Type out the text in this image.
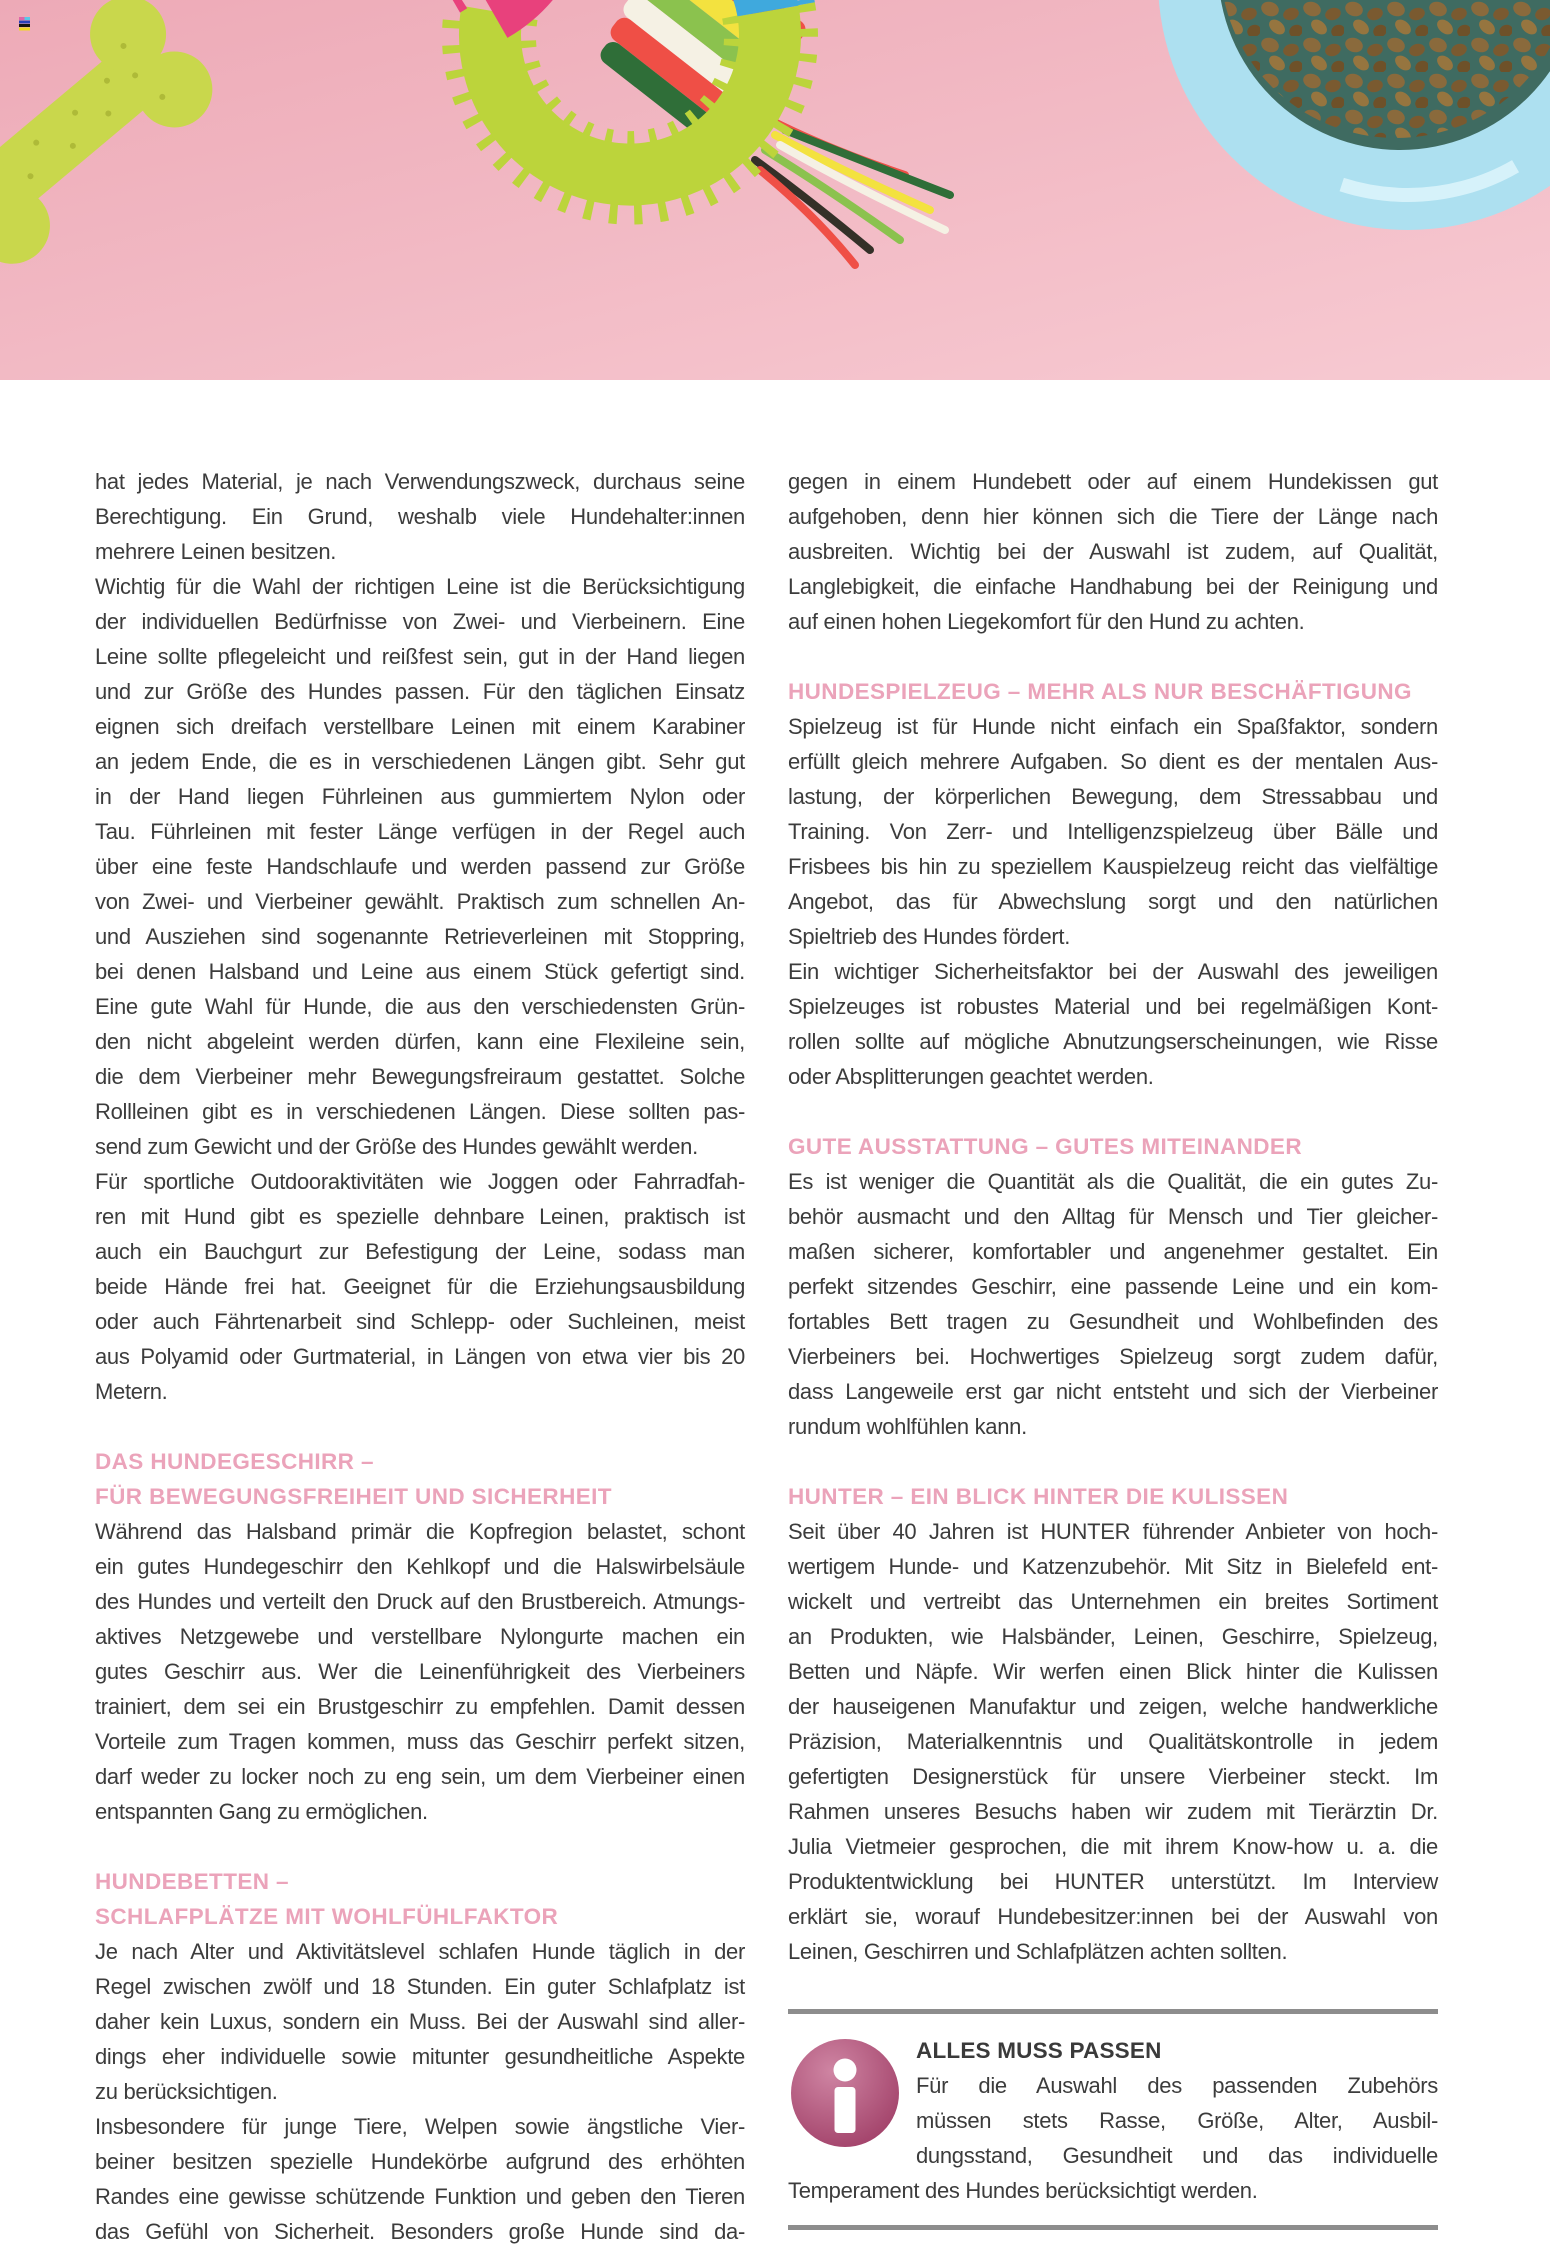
hat jedes Material, je nach Verwendungszweck, durchaus seine
Berechtigung. Ein Grund, weshalb viele Hundehalter:innen
mehrere Leinen besitzen.
Wichtig für die Wahl der richtigen Leine ist die Berücksichtigung
der individuellen Bedürfnisse von Zwei- und Vierbeinern. Eine
Leine sollte pflegeleicht und reißfest sein, gut in der Hand liegen
und zur Größe des Hundes passen. Für den täglichen Einsatz
eignen sich dreifach verstellbare Leinen mit einem Karabiner
an jedem Ende, die es in verschiedenen Längen gibt. Sehr gut
in der Hand liegen Führleinen aus gummiertem Nylon oder
Tau. Führleinen mit fester Länge verfügen in der Regel auch
über eine feste Handschlaufe und werden passend zur Größe
von Zwei- und Vierbeiner gewählt. Praktisch zum schnellen An-
und Ausziehen sind sogenannte Retrieverleinen mit Stoppring,
bei denen Halsband und Leine aus einem Stück gefertigt sind.
Eine gute Wahl für Hunde, die aus den verschiedensten Grün-
den nicht abgeleint werden dürfen, kann eine Flexileine sein,
die dem Vierbeiner mehr Bewegungsfreiraum gestattet. Solche
Rollleinen gibt es in verschiedenen Längen. Diese sollten pas-
send zum Gewicht und der Größe des Hundes gewählt werden.
Für sportliche Outdooraktivitäten wie Joggen oder Fahrradfah-
ren mit Hund gibt es spezielle dehnbare Leinen, praktisch ist
auch ein Bauchgurt zur Befestigung der Leine, sodass man
beide Hände frei hat. Geeignet für die Erziehungsausbildung
oder auch Fährtenarbeit sind Schlepp- oder Suchleinen, meist
aus Polyamid oder Gurtmaterial, in Längen von etwa vier bis 20
Metern.
DAS HUNDEGESCHIRR –
FÜR BEWEGUNGSFREIHEIT UND SICHERHEIT
Während das Halsband primär die Kopfregion belastet, schont
ein gutes Hundegeschirr den Kehlkopf und die Halswirbelsäule
des Hundes und verteilt den Druck auf den Brustbereich. Atmungs-
aktives Netzgewebe und verstellbare Nylongurte machen ein
gutes Geschirr aus. Wer die Leinenführigkeit des Vierbeiners
trainiert, dem sei ein Brustgeschirr zu empfehlen. Damit dessen
Vorteile zum Tragen kommen, muss das Geschirr perfekt sitzen,
darf weder zu locker noch zu eng sein, um dem Vierbeiner einen
entspannten Gang zu ermöglichen.
HUNDEBETTEN –
SCHLAFPLÄTZE MIT WOHLFÜHLFAKTOR
Je nach Alter und Aktivitätslevel schlafen Hunde täglich in der
Regel zwischen zwölf und 18 Stunden. Ein guter Schlafplatz ist
daher kein Luxus, sondern ein Muss. Bei der Auswahl sind aller-
dings eher individuelle sowie mitunter gesundheitliche Aspekte
zu berücksichtigen.
Insbesondere für junge Tiere, Welpen sowie ängstliche Vier-
beiner besitzen spezielle Hundekörbe aufgrund des erhöhten
Randes eine gewisse schützende Funktion und geben den Tieren
das Gefühl von Sicherheit. Besonders große Hunde sind da-
gegen in einem Hundebett oder auf einem Hundekissen gut
aufgehoben, denn hier können sich die Tiere der Länge nach
ausbreiten. Wichtig bei der Auswahl ist zudem, auf Qualität,
Langlebigkeit, die einfache Handhabung bei der Reinigung und
auf einen hohen Liegekomfort für den Hund zu achten.
HUNDESPIELZEUG – MEHR ALS NUR BESCHÄFTIGUNG
Spielzeug ist für Hunde nicht einfach ein Spaßfaktor, sondern
erfüllt gleich mehrere Aufgaben. So dient es der mentalen Aus-
lastung, der körperlichen Bewegung, dem Stressabbau und
Training. Von Zerr- und Intelligenzspielzeug über Bälle und
Frisbees bis hin zu speziellem Kauspielzeug reicht das vielfältige
Angebot, das für Abwechslung sorgt und den natürlichen
Spieltrieb des Hundes fördert.
Ein wichtiger Sicherheitsfaktor bei der Auswahl des jeweiligen
Spielzeuges ist robustes Material und bei regelmäßigen Kont-
rollen sollte auf mögliche Abnutzungserscheinungen, wie Risse
oder Absplitterungen geachtet werden.
GUTE AUSSTATTUNG – GUTES MITEINANDER
Es ist weniger die Quantität als die Qualität, die ein gutes Zu-
behör ausmacht und den Alltag für Mensch und Tier gleicher-
maßen sicherer, komfortabler und angenehmer gestaltet. Ein
perfekt sitzendes Geschirr, eine passende Leine und ein kom-
fortables Bett tragen zu Gesundheit und Wohlbefinden des
Vierbeiners bei. Hochwertiges Spielzeug sorgt zudem dafür,
dass Langeweile erst gar nicht entsteht und sich der Vierbeiner
rundum wohlfühlen kann.
HUNTER – EIN BLICK HINTER DIE KULISSEN
Seit über 40 Jahren ist HUNTER führender Anbieter von hoch-
wertigem Hunde- und Katzenzubehör. Mit Sitz in Bielefeld ent-
wickelt und vertreibt das Unternehmen ein breites Sortiment
an Produkten, wie Halsbänder, Leinen, Geschirre, Spielzeug,
Betten und Näpfe. Wir werfen einen Blick hinter die Kulissen
der hauseigenen Manufaktur und zeigen, welche handwerkliche
Präzision, Materialkenntnis und Qualitätskontrolle in jedem
gefertigten Designerstück für unsere Vierbeiner steckt. Im
Rahmen unseres Besuchs haben wir zudem mit Tierärztin Dr.
Julia Vietmeier gesprochen, die mit ihrem Know-how u. a. die
Produktentwicklung bei HUNTER unterstützt. Im Interview
erklärt sie, worauf Hundebesitzer:innen bei der Auswahl von
Leinen, Geschirren und Schlafplätzen achten sollten.
ALLES MUSS PASSEN
Für die Auswahl des passenden Zubehörs
müssen stets Rasse, Größe, Alter, Ausbil-
dungsstand, Gesundheit und das individuelle
Temperament des Hundes berücksichtigt werden.
